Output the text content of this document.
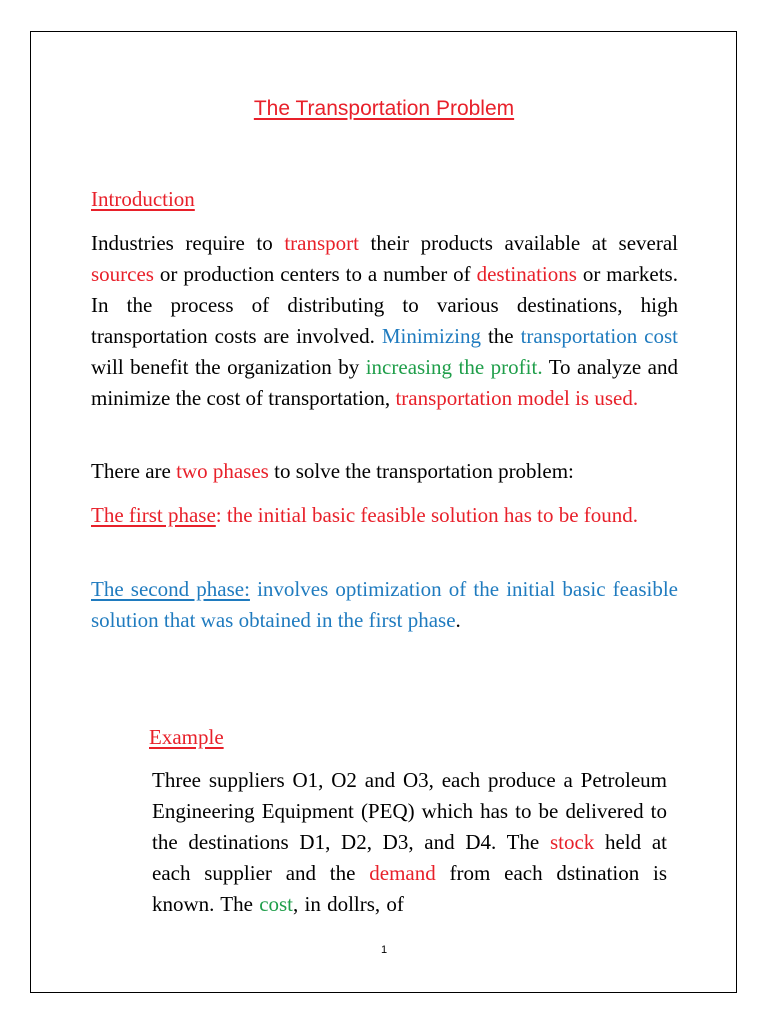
The Transportation Problem
Introduction

Industries require to transport their products available at several sources or production centers to a number of destinations or markets. In the process of distributing to various destinations, high transportation costs are involved. Minimizing the transportation cost will benefit the organization by increasing the profit. To analyze and minimize the cost of transportation, transportation model is used.

There are two phases to solve the transportation problem:

The first phase: the initial basic feasible solution has to be found.

The second phase: involves optimization of the initial basic feasible solution that was obtained in the first phase.

Example

Three suppliers O1, O2 and O3, each produce a Petroleum Engineering Equipment (PEQ) which has to be delivered to the destinations D1, D2, D3, and D4. The stock held at each supplier and the demand from each dstination is known. The cost, in dollrs, of

1
